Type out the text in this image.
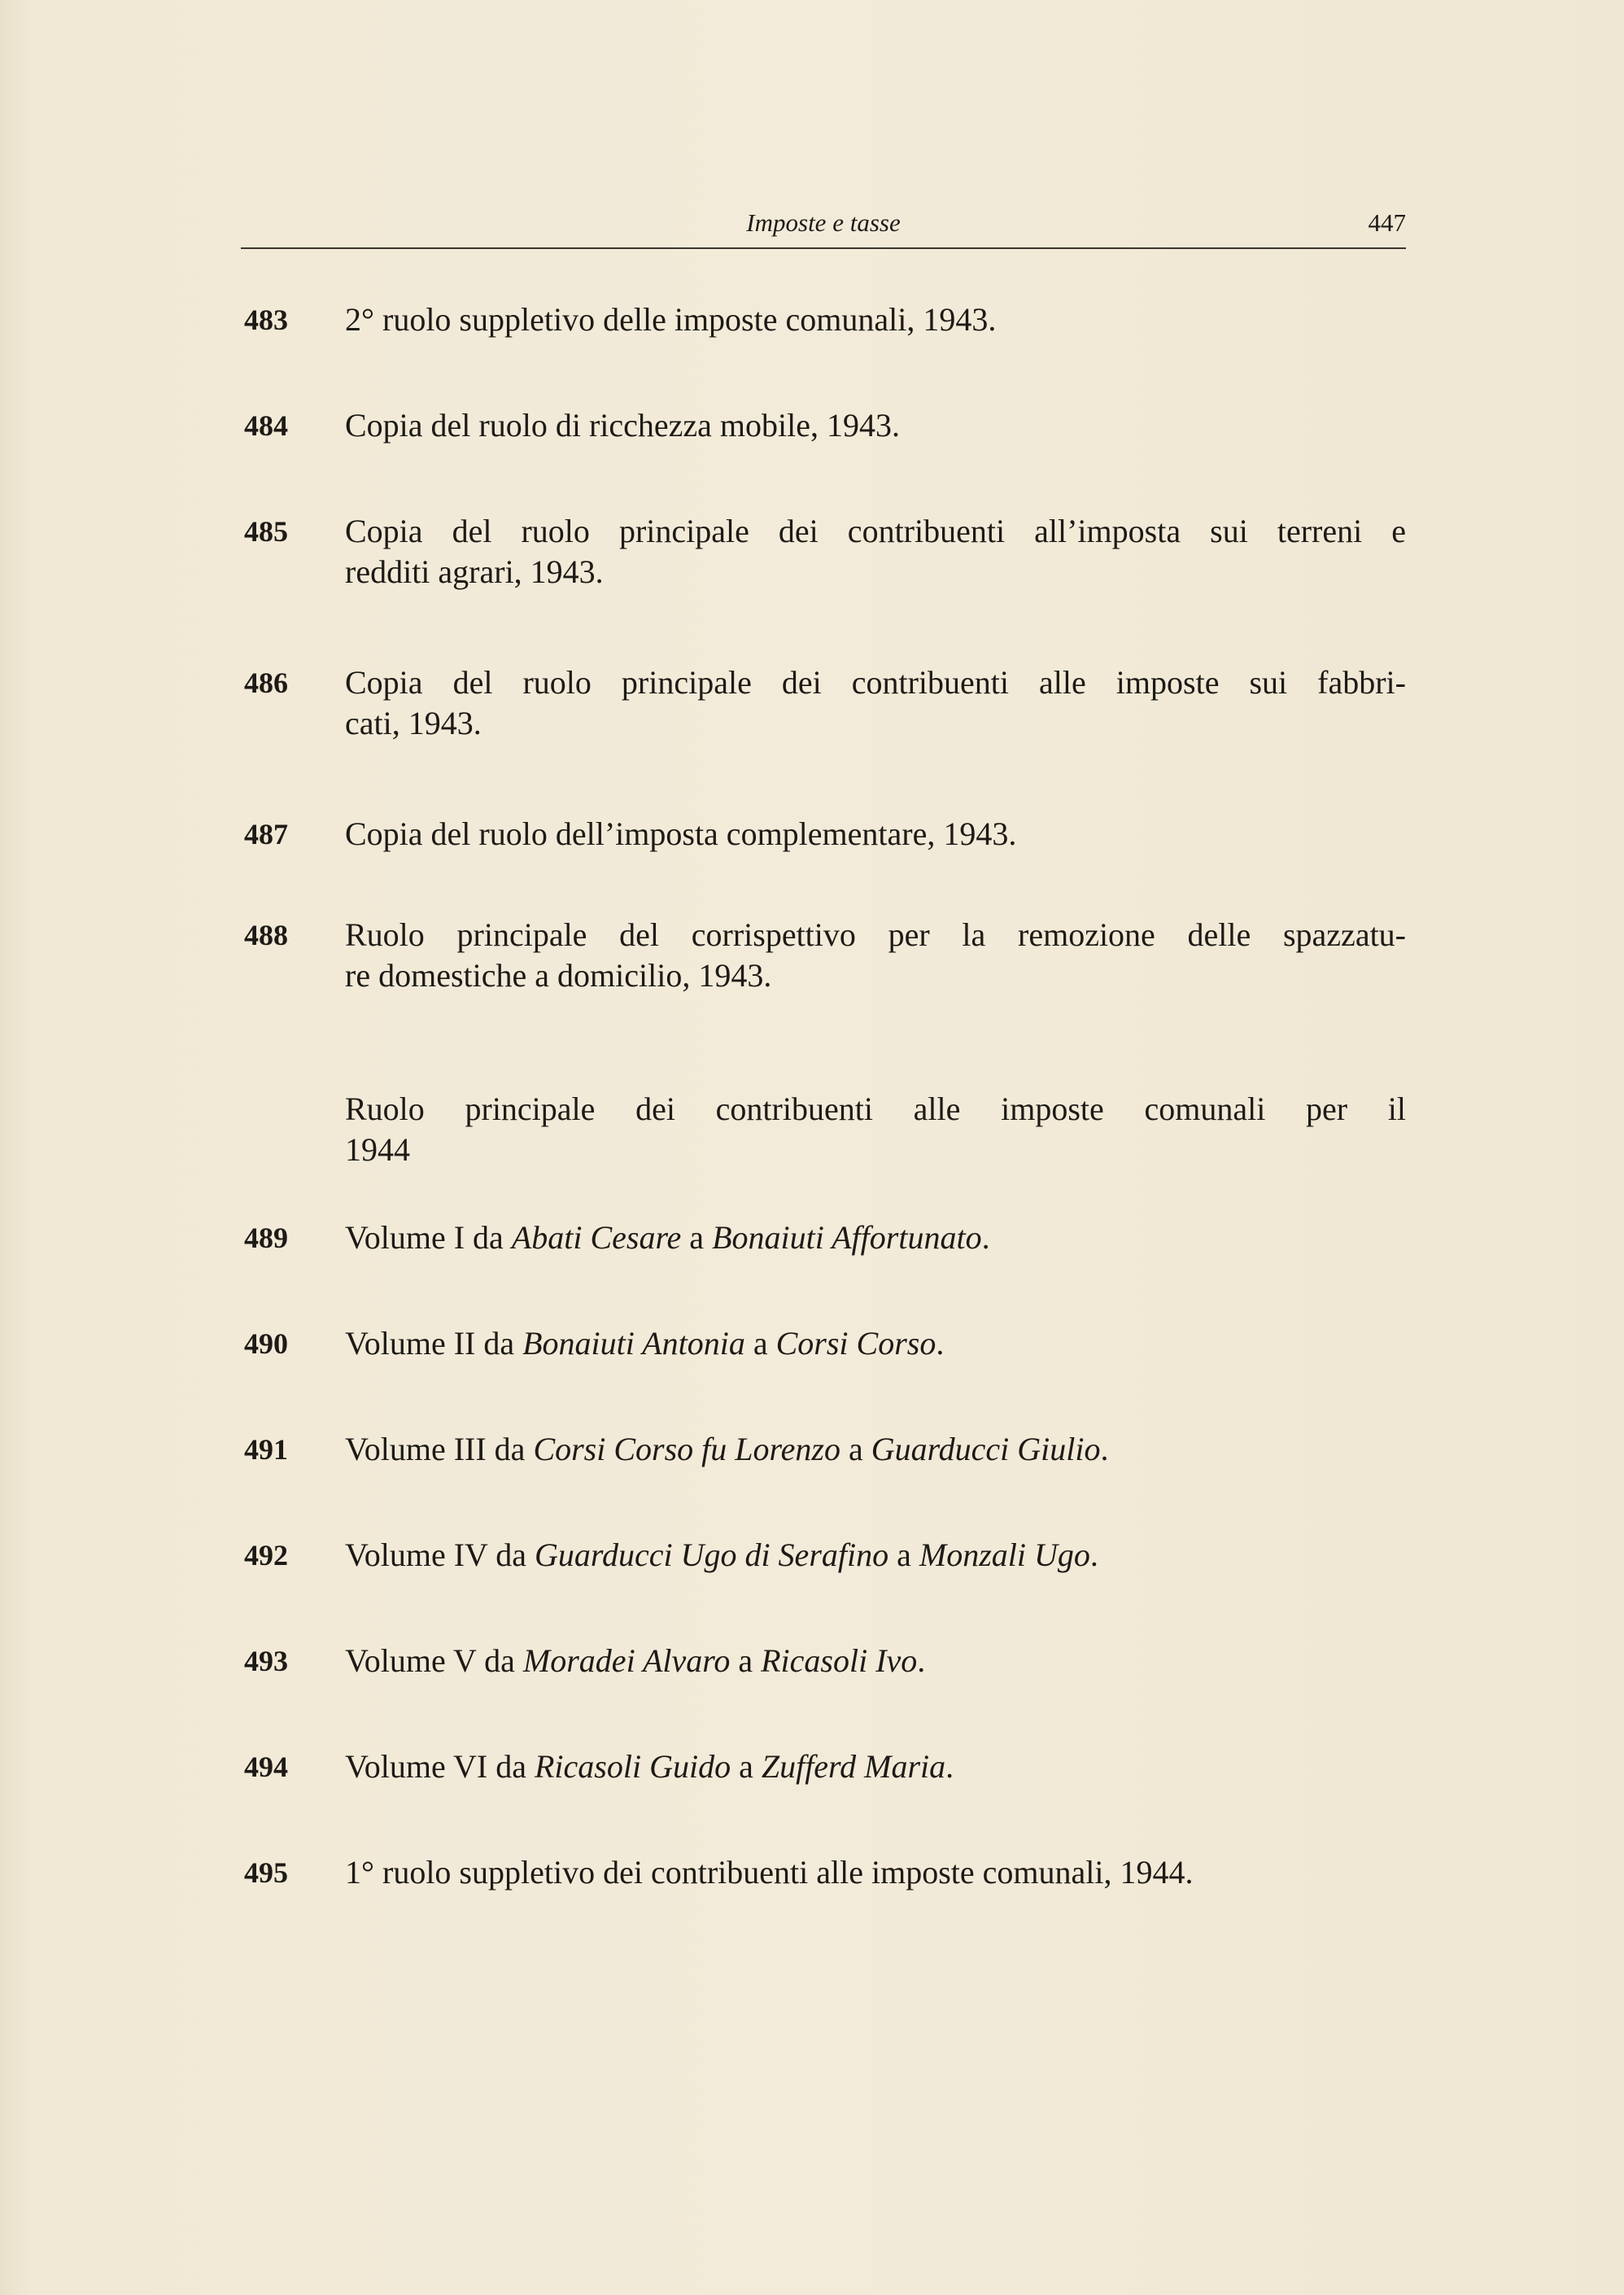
Imposte e tasse	447
483	2° ruolo suppletivo delle imposte comunali, 1943.
484	Copia del ruolo di ricchezza mobile, 1943.
485	Copia del ruolo principale dei contribuenti all’imposta sui terreni e
redditi agrari, 1943.
486	Copia del ruolo principale dei contribuenti alle imposte sui fabbri-
cati, 1943.
487	Copia del ruolo dell’imposta complementare, 1943.
488	Ruolo principale del corrispettivo per la remozione delle spazzatu-
re domestiche a domicilio, 1943.
Ruolo principale dei contribuenti alle imposte comunali per il
1944
489	Volume I da Abati Cesare a Bonaiuti Affortunato.
490	Volume II da Bonaiuti Antonia a Corsi Corso.
491	Volume III da Corsi Corso fu Lorenzo a Guarducci Giulio.
492	Volume IV da Guarducci Ugo di Serafino a Monzali Ugo.
493	Volume V da Moradei Alvaro a Ricasoli Ivo.
494	Volume VI da Ricasoli Guido a Zufferd Maria.
495	1° ruolo suppletivo dei contribuenti alle imposte comunali, 1944.
